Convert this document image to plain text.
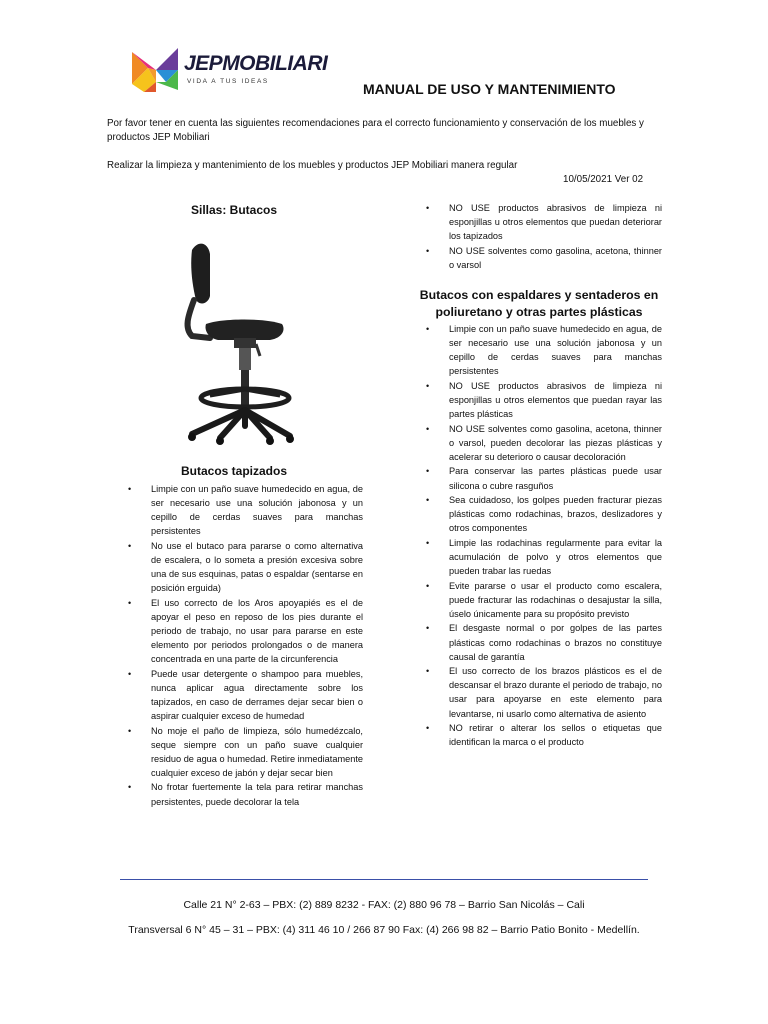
JEPMOBILIARI
VIDA A TUS IDEAS	MANUAL DE USO Y MANTENIMIENTO
Por favor tener en cuenta las siguientes recomendaciones para el correcto funcionamiento y conservación de los muebles y productos JEP Mobiliari
Realizar la limpieza y mantenimiento de los muebles y productos JEP Mobiliari manera regular
10/05/2021 Ver 02
Sillas: Butacos
Butacos tapizados
• Limpie con un paño suave humedecido en agua, de ser necesario use una solución jabonosa y un cepillo de cerdas suaves para manchas persistentes
• No use el butaco para pararse o como alternativa de escalera, o lo someta a presión excesiva sobre una de sus esquinas, patas o espaldar (sentarse en posición erguida)
• El uso correcto de los Aros apoyapiés es el de apoyar el peso en reposo de los pies durante el periodo de trabajo, no usar para pararse en este elemento por periodos prolongados o de manera concentrada en una parte de la circunferencia
• Puede usar detergente o shampoo para muebles, nunca aplicar agua directamente sobre los tapizados, en caso de derrames dejar secar bien o aspirar cualquier exceso de humedad
• No moje el paño de limpieza, sólo humedézcalo, seque siempre con un paño suave cualquier residuo de agua o humedad. Retire inmediatamente cualquier exceso de jabón y dejar secar bien
• No frotar fuertemente la tela para retirar manchas persistentes, puede decolorar la tela
• NO USE productos abrasivos de limpieza ni esponjillas u otros elementos que puedan deteriorar los tapizados
• NO USE solventes como gasolina, acetona, thinner o varsol
Butacos con espaldares y sentaderos en poliuretano y otras partes plásticas
• Limpie con un paño suave humedecido en agua, de ser necesario use una solución jabonosa y un cepillo de cerdas suaves para manchas persistentes
• NO USE productos abrasivos de limpieza ni esponjillas u otros elementos que puedan rayar las partes plásticas
• NO USE solventes como gasolina, acetona, thinner o varsol, pueden decolorar las piezas plásticas y acelerar su deterioro o causar decoloración
• Para conservar las partes plásticas puede usar silicona o cubre rasguños
• Sea cuidadoso, los golpes pueden fracturar piezas plásticas como rodachinas, brazos, deslizadores y otros componentes
• Limpie las rodachinas regularmente para evitar la acumulación de polvo y otros elementos que pueden trabar las ruedas
• Evite pararse o usar el producto como escalera, puede fracturar las rodachinas o desajustar la silla, úselo únicamente para su propósito previsto
• El desgaste normal o por golpes de las partes plásticas como rodachinas o brazos no constituye causal de garantía
• El uso correcto de los brazos plásticos es el de descansar el brazo durante el periodo de trabajo, no usar para apoyarse en este elemento para levantarse, ni usarlo como alternativa de asiento
• NO retirar o alterar los sellos o etiquetas que identifican la marca o el producto
Calle 21 N° 2-63 – PBX: (2) 889 8232 - FAX: (2) 880 96 78 – Barrio San Nicolás – Cali
Transversal 6 N° 45 – 31 – PBX: (4) 311 46 10 / 266 87 90 Fax: (4) 266 98 82 – Barrio Patio Bonito - Medellín.
